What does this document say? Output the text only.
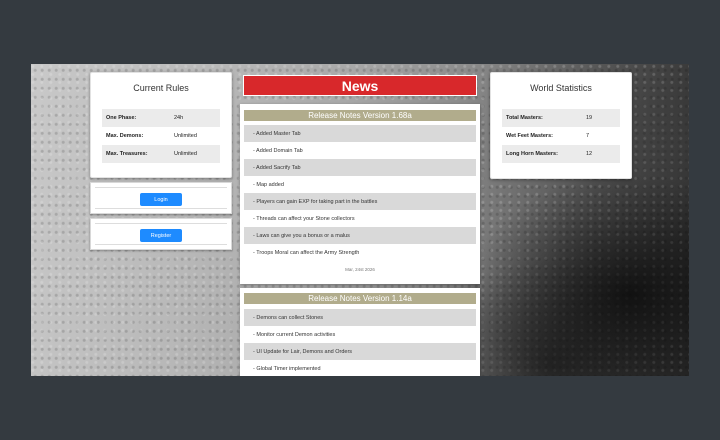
Current Rules
One Phase:	24h
Max. Demons:	Unlimited
Max. Treasures:	Unlimited
Login
Register
News
Release Notes Version 1.68a
- Added Master Tab
- Added Domain Tab
- Added Sacrify Tab
- Map added
- Players can gain EXP for taking part in the battles
- Threads can affect your Stone collectors
- Laws can give you a bonus or a malus
- Troops Moral can affect the Army Strength
Mar, 24st 2026
Release Notes Version 1.14a
- Demons can collect Stones
- Monitor current Demon activities
- UI Update for Lair, Demons and Orders
- Global Timer implemented
World Statistics
Total Masters:	19
Wet Feet Masters:	7
Long Horn Masters:	12
